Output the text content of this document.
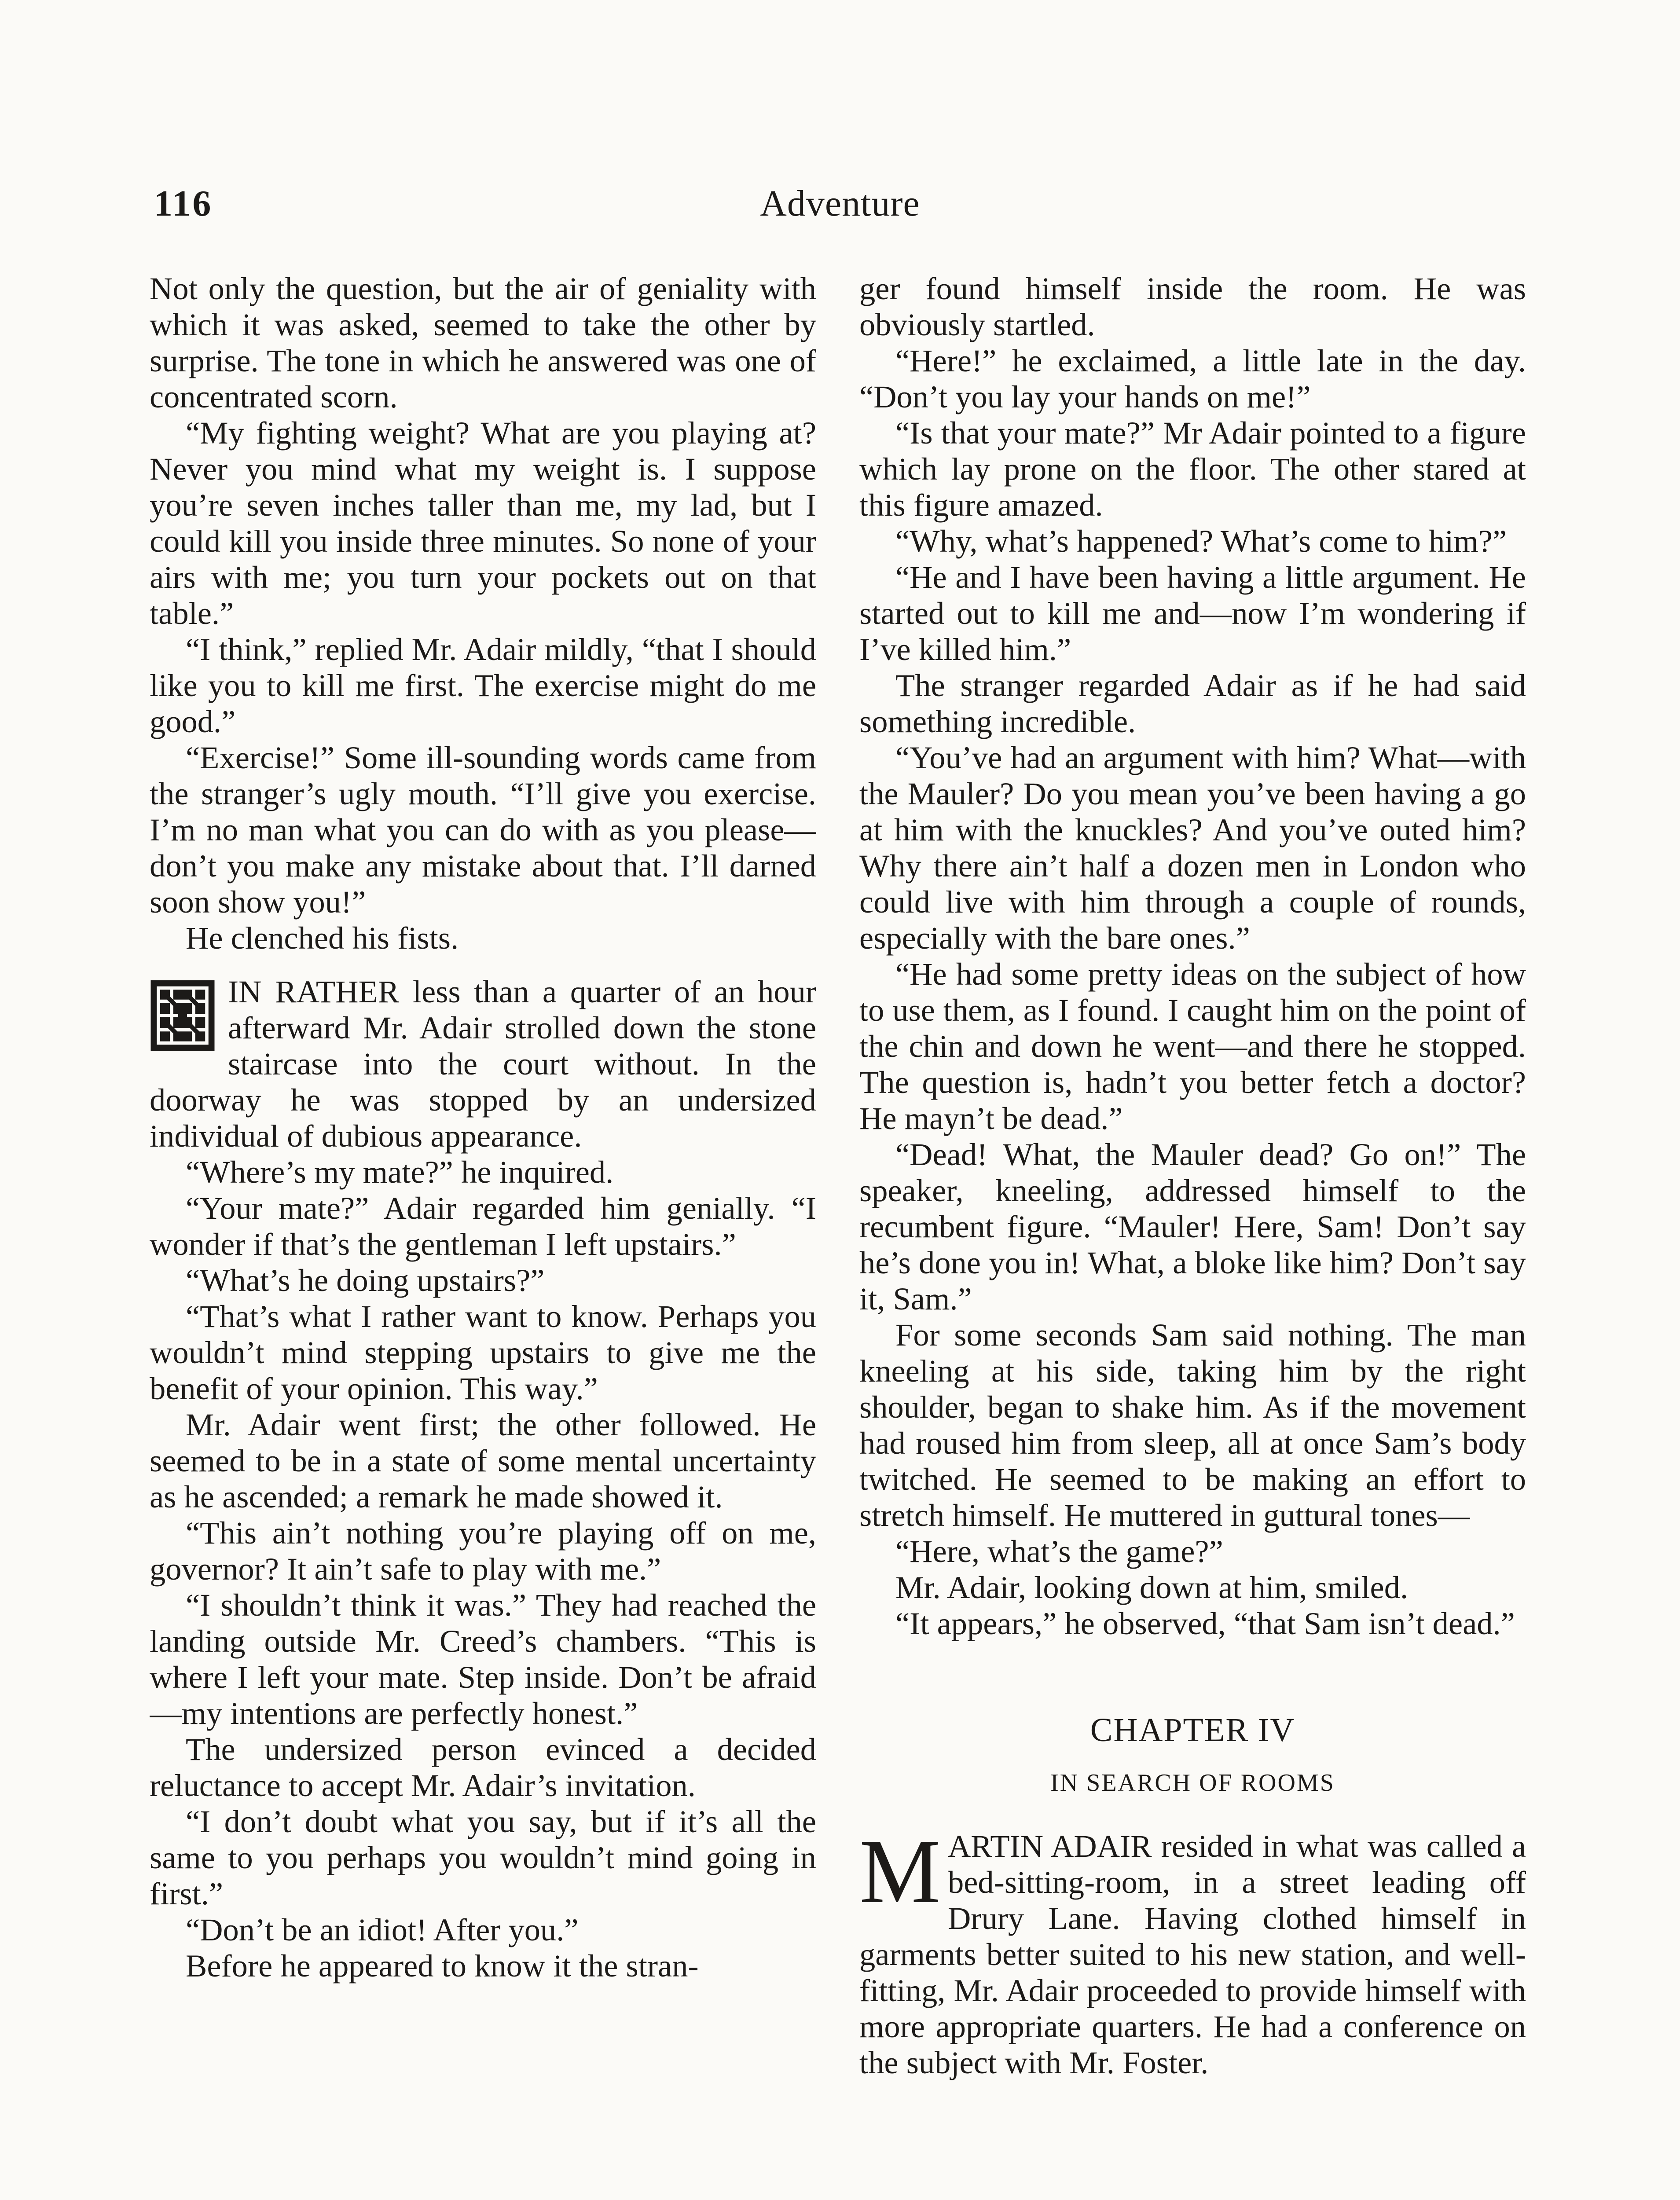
116	Adventure

Not only the question, but the air of geniality with which it was asked, seemed to take the other by surprise. The tone in which he answered was one of concentrated scorn.

“My fighting weight? What are you playing at? Never you mind what my weight is. I suppose you’re seven inches taller than me, my lad, but I could kill you inside three minutes. So none of your airs with me; you turn your pockets out on that table.”

“I think,” replied Mr. Adair mildly, “that I should like you to kill me first. The exercise might do me good.”

“Exercise!” Some ill-sounding words came from the stranger’s ugly mouth. “I’ll give you exercise. I’m no man what you can do with as you please—don’t you make any mistake about that. I’ll darned soon show you!”

He clenched his fists.

IN RATHER less than a quarter of an hour afterward Mr. Adair strolled down the stone staircase into the court without. In the doorway he was stopped by an undersized individual of dubious appearance.

“Where’s my mate?” he inquired.

“Your mate?” Adair regarded him genially. “I wonder if that’s the gentleman I left upstairs.”

“What’s he doing upstairs?”

“That’s what I rather want to know. Perhaps you wouldn’t mind stepping upstairs to give me the benefit of your opinion. This way.”

Mr. Adair went first; the other followed. He seemed to be in a state of some mental uncertainty as he ascended; a remark he made showed it.

“This ain’t nothing you’re playing off on me, governor? It ain’t safe to play with me.”

“I shouldn’t think it was.” They had reached the landing outside Mr. Creed’s chambers. “This is where I left your mate. Step inside. Don’t be afraid—my intentions are perfectly honest.”

The undersized person evinced a decided reluctance to accept Mr. Adair’s invitation.

“I don’t doubt what you say, but if it’s all the same to you perhaps you wouldn’t mind going in first.”

“Don’t be an idiot! After you.”

Before he appeared to know it the stran-

ger found himself inside the room. He was obviously startled.

“Here!” he exclaimed, a little late in the day. “Don’t you lay your hands on me!”

“Is that your mate?” Mr Adair pointed to a figure which lay prone on the floor. The other stared at this figure amazed.

“Why, what’s happened? What’s come to him?”

“He and I have been having a little argument. He started out to kill me and—now I’m wondering if I’ve killed him.”

The stranger regarded Adair as if he had said something incredible.

“You’ve had an argument with him? What—with the Mauler? Do you mean you’ve been having a go at him with the knuckles? And you’ve outed him? Why there ain’t half a dozen men in London who could live with him through a couple of rounds, especially with the bare ones.”

“He had some pretty ideas on the subject of how to use them, as I found. I caught him on the point of the chin and down he went—and there he stopped. The question is, hadn’t you better fetch a doctor? He mayn’t be dead.”

“Dead! What, the Mauler dead? Go on!” The speaker, kneeling, addressed himself to the recumbent figure. “Mauler! Here, Sam! Don’t say he’s done you in! What, a bloke like him? Don’t say it, Sam.”

For some seconds Sam said nothing. The man kneeling at his side, taking him by the right shoulder, began to shake him. As if the movement had roused him from sleep, all at once Sam’s body twitched. He seemed to be making an effort to stretch himself. He muttered in guttural tones—

“Here, what’s the game?”

Mr. Adair, looking down at him, smiled.

“It appears,” he observed, “that Sam isn’t dead.”

CHAPTER IV

IN SEARCH OF ROOMS

MARTIN ADAIR resided in what was called a bed-sitting-room, in a street leading off Drury Lane. Having clothed himself in garments better suited to his new station, and well-fitting, Mr. Adair proceeded to provide himself with more appropriate quarters. He had a conference on the subject with Mr. Foster.
